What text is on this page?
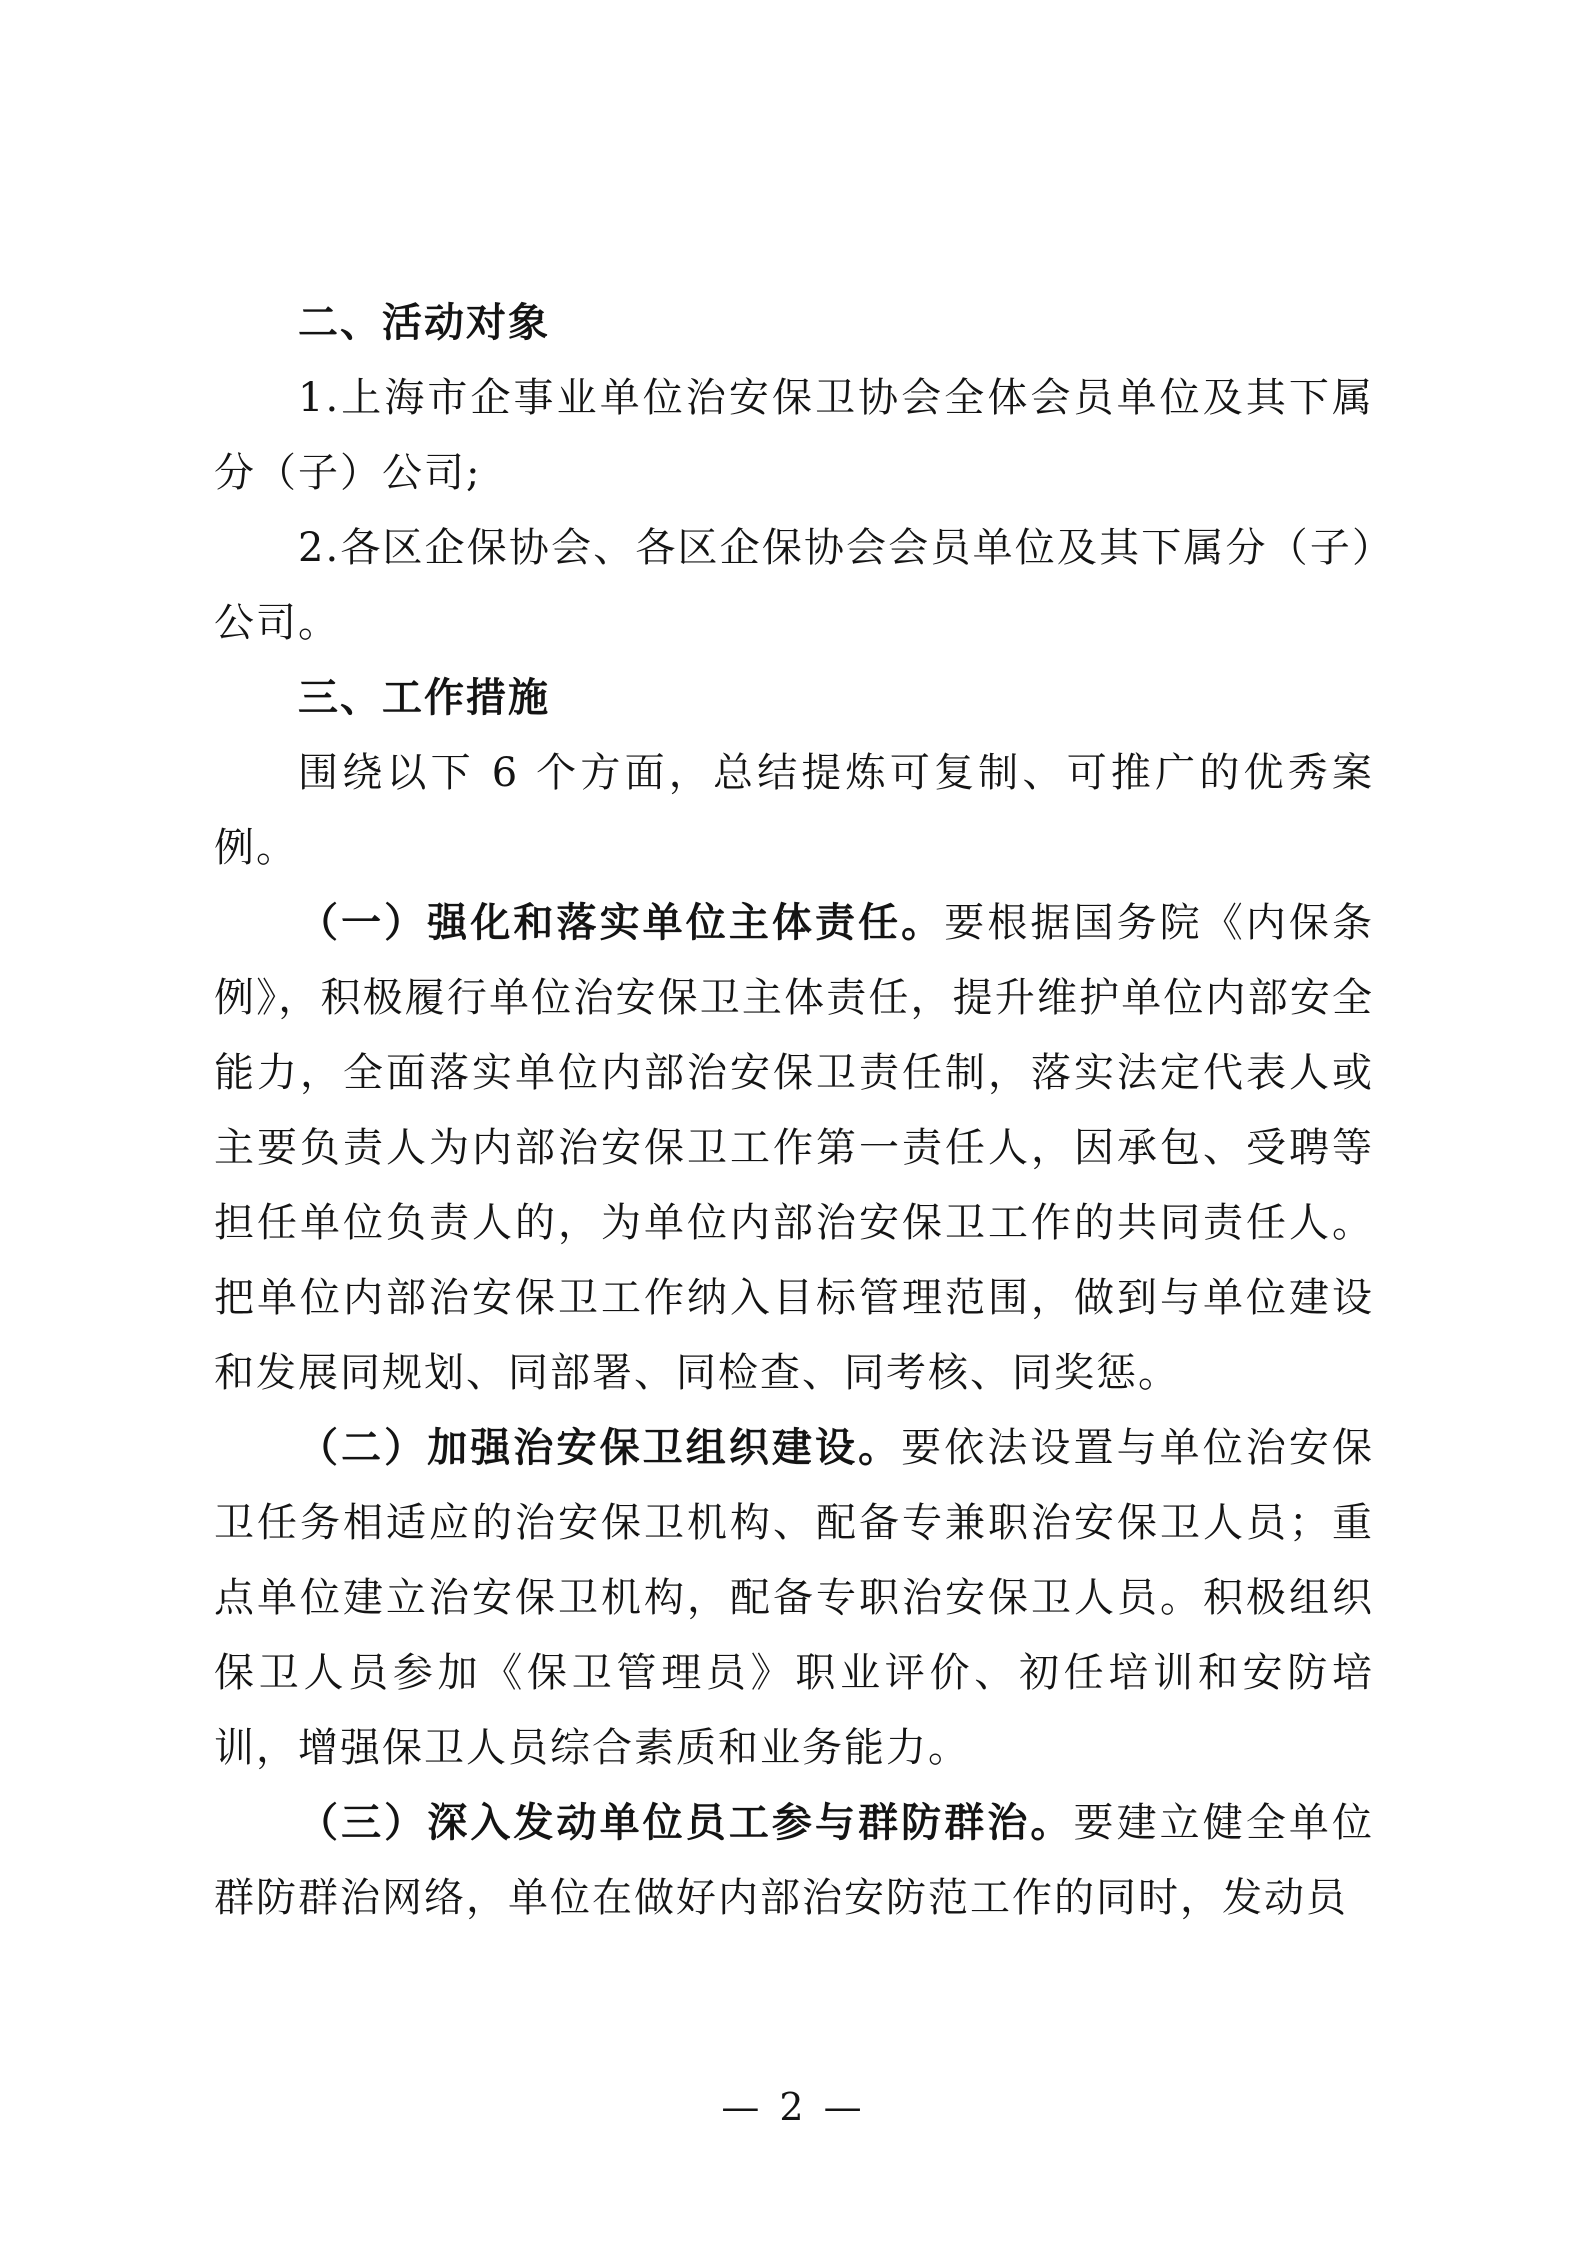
二、活动对象

1.上海市企事业单位治安保卫协会全体会员单位及其下属分（子）公司;

2.各区企保协会、各区企保协会会员单位及其下属分（子）公司。

三、工作措施

围绕以下 6 个方面，总结提炼可复制、可推广的优秀案例。

（一）强化和落实单位主体责任。要根据国务院《内保条例》，积极履行单位治安保卫主体责任，提升维护单位内部安全能力，全面落实单位内部治安保卫责任制，落实法定代表人或主要负责人为内部治安保卫工作第一责任人，因承包、受聘等担任单位负责人的，为单位内部治安保卫工作的共同责任人。把单位内部治安保卫工作纳入目标管理范围，做到与单位建设和发展同规划、同部署、同检查、同考核、同奖惩。

（二）加强治安保卫组织建设。要依法设置与单位治安保卫任务相适应的治安保卫机构、配备专兼职治安保卫人员；重点单位建立治安保卫机构，配备专职治安保卫人员。积极组织保卫人员参加《保卫管理员》职业评价、初任培训和安防培训，增强保卫人员综合素质和业务能力。

（三）深入发动单位员工参与群防群治。要建立健全单位群防群治网络，单位在做好内部治安防范工作的同时，发动员

— 2 —
